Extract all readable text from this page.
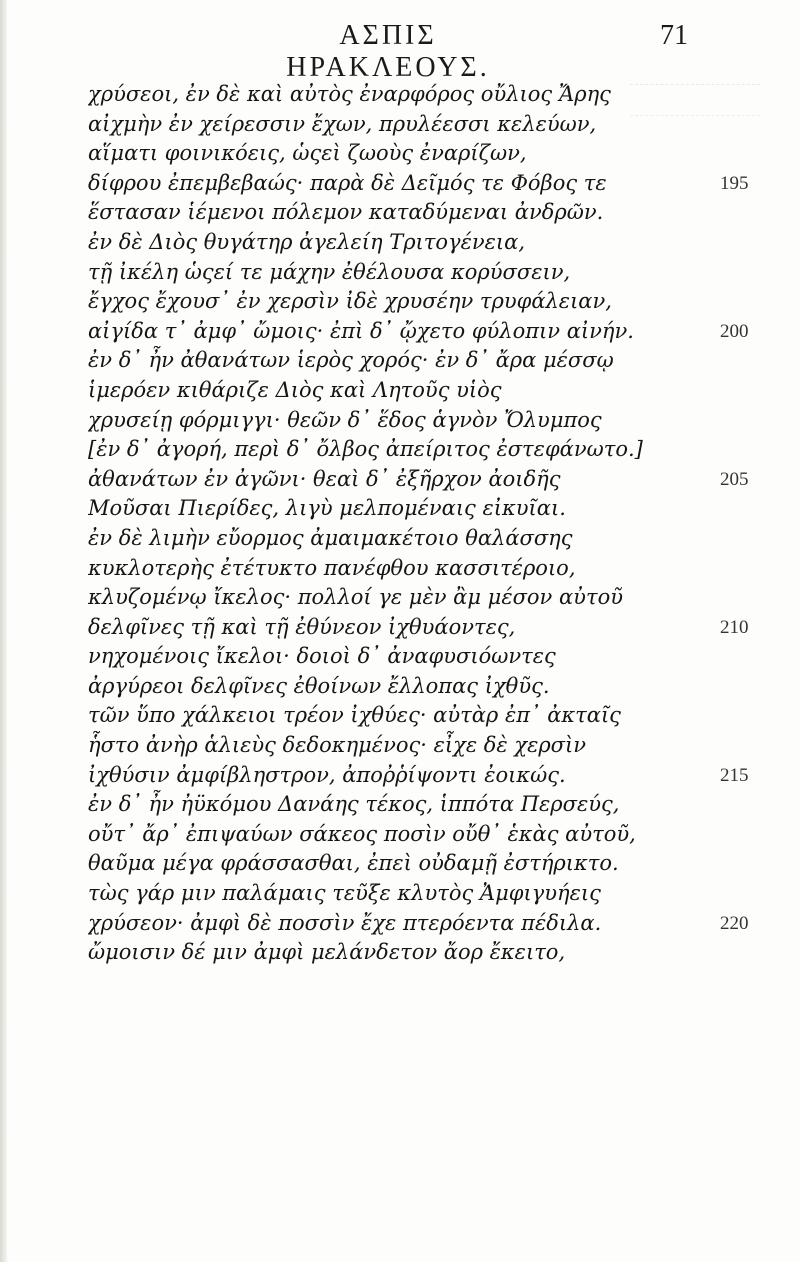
ΑΣΠΙΣ ΗΡΑΚΛΕΟΥΣ.
71
χρύσεοι, ἐν δὲ καὶ αὐτὸς ἐναρφόρος οὔλιος Ἄρης
αἰχμὴν ἐν χείρεσσιν ἔχων, πρυλέεσσι κελεύων,
αἵματι φοινικόεις, ὡςεὶ ζωοὺς ἐναρίζων,
δίφρου ἐπεμβεβαώς· παρὰ δὲ Δεῖμός τε Φόβος τε
ἕστασαν ἱέμενοι πόλεμον καταδύμεναι ἀνδρῶν.
ἐν δὲ Διὸς θυγάτηρ ἀγελείη Τριτογένεια,
τῇ ἰκέλη ὡςεί τε μάχην ἐθέλουσα κορύσσειν,
ἔγχος ἔχουσ᾽ ἐν χερσὶν ἰδὲ χρυσέην τρυφάλειαν,
αἰγίδα τ᾽ ἀμφ᾽ ὤμοις· ἐπὶ δ᾽ ᾤχετο φύλοπιν αἰνήν.
ἐν δ᾽ ἦν ἀθανάτων ἱερὸς χορός· ἐν δ᾽ ἄρα μέσσῳ
ἱμερόεν κιθάριζε Διὸς καὶ Λητοῦς υἱὸς
χρυσείῃ φόρμιγγι· θεῶν δ᾽ ἕδος ἁγνὸν Ὄλυμπος
[ἐν δ᾽ ἀγορή, περὶ δ᾽ ὄλβος ἀπείριτος ἐστεφάνωτο.]
ἀθανάτων ἐν ἀγῶνι· θεαὶ δ᾽ ἐξῆρχον ἀοιδῆς
Μοῦσαι Πιερίδες, λιγὺ μελπομέναις εἰκυῖαι.
ἐν δὲ λιμὴν εὔορμος ἀμαιμακέτοιο θαλάσσης
κυκλοτερὴς ἐτέτυκτο πανέφθου κασσιτέροιο,
κλυζομένῳ ἴκελος· πολλοί γε μὲν ἂμ μέσον αὐτοῦ
δελφῖνες τῇ καὶ τῇ ἐθύνεον ἰχθυάοντες,
νηχομένοις ἴκελοι· δοιοὶ δ᾽ ἀναφυσιόωντες
ἀργύρεοι δελφῖνες ἐθοίνων ἔλλοπας ἰχθῦς.
τῶν ὕπο χάλκειοι τρέον ἰχθύες· αὐτὰρ ἐπ᾽ ἀκταῖς
ἧστο ἀνὴρ ἁλιεὺς δεδοκημένος· εἶχε δὲ χερσὶν
ἰχθύσιν ἀμφίβληστρον, ἀποῤῥίψοντι ἐοικώς.
ἐν δ᾽ ἦν ἠϋκόμου Δανάης τέκος, ἱππότα Περσεύς,
οὔτ᾽ ἄρ᾽ ἐπιψαύων σάκεος ποσὶν οὔθ᾽ ἑκὰς αὐτοῦ,
θαῦμα μέγα φράσσασθαι, ἐπεὶ οὐδαμῇ ἐστήρικτο.
τὼς γάρ μιν παλάμαις τεῦξε κλυτὸς Ἀμφιγυήεις
χρύσεον· ἀμφὶ δὲ ποσσὶν ἔχε πτερόεντα πέδιλα.
ὤμοισιν δέ μιν ἀμφὶ μελάνδετον ἄορ ἔκειτο,
195
200
205
210
215
220
